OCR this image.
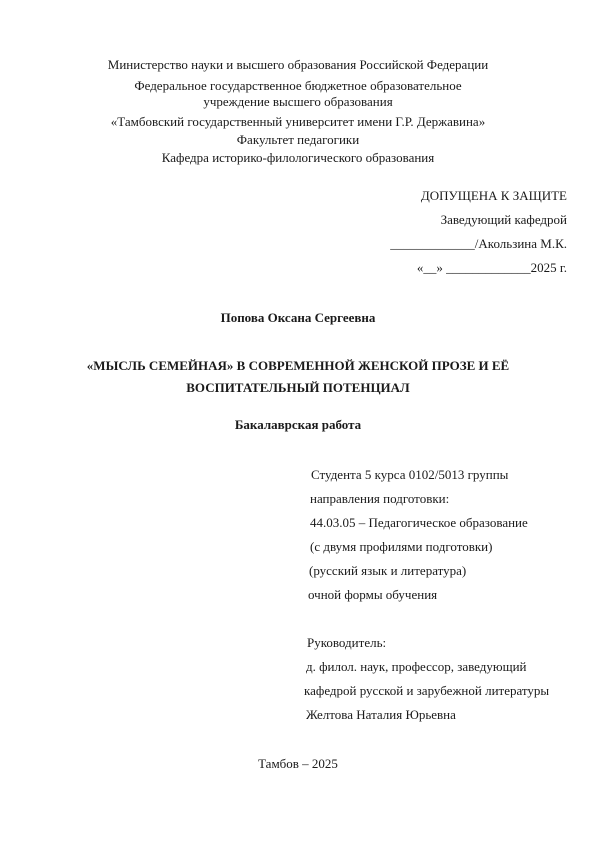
Министерство науки и высшего образования Российской Федерации
Федеральное государственное бюджетное образовательное
учреждение высшего образования
«Тамбовский государственный университет имени Г.Р. Державина»
Факультет педагогики
Кафедра историко-филологического образования
ДОПУЩЕНА К ЗАЩИТЕ
Заведующий кафедрой
_____________/Акользина М.К.
«__» _____________2025 г.
Попова Оксана Сергеевна
«МЫСЛЬ СЕМЕЙНАЯ» В СОВРЕМЕННОЙ ЖЕНСКОЙ ПРОЗЕ И ЕЁ
ВОСПИТАТЕЛЬНЫЙ ПОТЕНЦИАЛ
Бакалаврская работа
Студента 5 курса 0102/5013 группы
направления подготовки:
44.03.05 – Педагогическое образование
(с двумя профилями подготовки)
(русский язык и литература)
очной формы обучения
Руководитель:
д. филол. наук, профессор, заведующий
кафедрой русской и зарубежной литературы
Желтова Наталия Юрьевна
Тамбов – 2025
